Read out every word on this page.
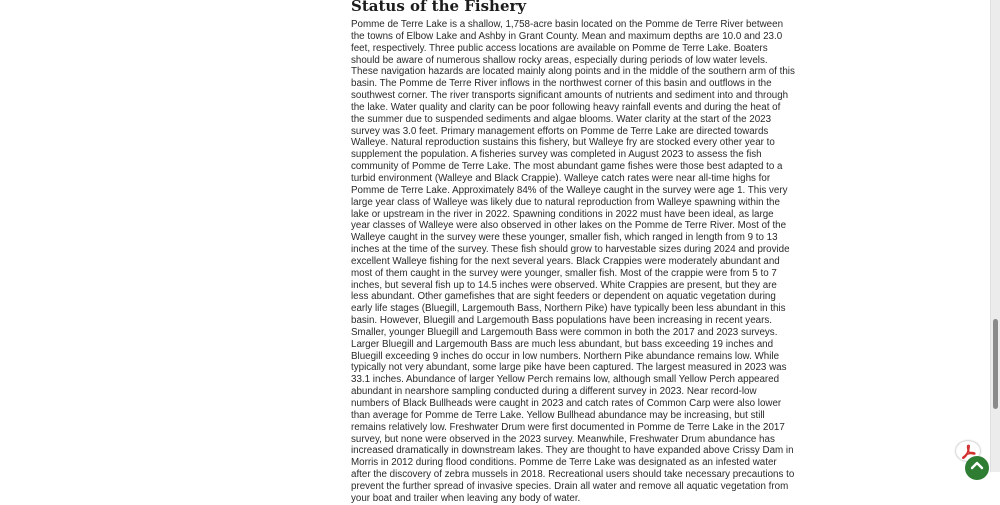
Status of the Fishery

Pomme de Terre Lake is a shallow, 1,758-acre basin located on the Pomme de Terre River between the towns of Elbow Lake and Ashby in Grant County. Mean and maximum depths are 10.0 and 23.0 feet, respectively. Three public access locations are available on Pomme de Terre Lake. Boaters should be aware of numerous shallow rocky areas, especially during periods of low water levels. These navigation hazards are located mainly along points and in the middle of the southern arm of this basin. The Pomme de Terre River inflows in the northwest corner of this basin and outflows in the southwest corner. The river transports significant amounts of nutrients and sediment into and through the lake. Water quality and clarity can be poor following heavy rainfall events and during the heat of the summer due to suspended sediments and algae blooms. Water clarity at the start of the 2023 survey was 3.0 feet. Primary management efforts on Pomme de Terre Lake are directed towards Walleye. Natural reproduction sustains this fishery, but Walleye fry are stocked every other year to supplement the population. A fisheries survey was completed in August 2023 to assess the fish community of Pomme de Terre Lake. The most abundant game fishes were those best adapted to a turbid environment (Walleye and Black Crappie). Walleye catch rates were near all-time highs for Pomme de Terre Lake. Approximately 84% of the Walleye caught in the survey were age 1. This very large year class of Walleye was likely due to natural reproduction from Walleye spawning within the lake or upstream in the river in 2022. Spawning conditions in 2022 must have been ideal, as large year classes of Walleye were also observed in other lakes on the Pomme de Terre River. Most of the Walleye caught in the survey were these younger, smaller fish, which ranged in length from 9 to 13 inches at the time of the survey. These fish should grow to harvestable sizes during 2024 and provide excellent Walleye fishing for the next several years. Black Crappies were moderately abundant and most of them caught in the survey were younger, smaller fish. Most of the crappie were from 5 to 7 inches, but several fish up to 14.5 inches were observed. White Crappies are present, but they are less abundant. Other gamefishes that are sight feeders or dependent on aquatic vegetation during early life stages (Bluegill, Largemouth Bass, Northern Pike) have typically been less abundant in this basin. However, Bluegill and Largemouth Bass populations have been increasing in recent years. Smaller, younger Bluegill and Largemouth Bass were common in both the 2017 and 2023 surveys. Larger Bluegill and Largemouth Bass are much less abundant, but bass exceeding 19 inches and Bluegill exceeding 9 inches do occur in low numbers. Northern Pike abundance remains low. While typically not very abundant, some large pike have been captured. The largest measured in 2023 was 33.1 inches. Abundance of larger Yellow Perch remains low, although small Yellow Perch appeared abundant in nearshore sampling conducted during a different survey in 2023. Near record-low numbers of Black Bullheads were caught in 2023 and catch rates of Common Carp were also lower than average for Pomme de Terre Lake. Yellow Bullhead abundance may be increasing, but still remains relatively low. Freshwater Drum were first documented in Pomme de Terre Lake in the 2017 survey, but none were observed in the 2023 survey. Meanwhile, Freshwater Drum abundance has increased dramatically in downstream lakes. They are thought to have expanded above Crissy Dam in Morris in 2012 during flood conditions. Pomme de Terre Lake was designated as an infested water after the discovery of zebra mussels in 2018. Recreational users should take necessary precautions to prevent the further spread of invasive species. Drain all water and remove all aquatic vegetation from your boat and trailer when leaving any body of water.
